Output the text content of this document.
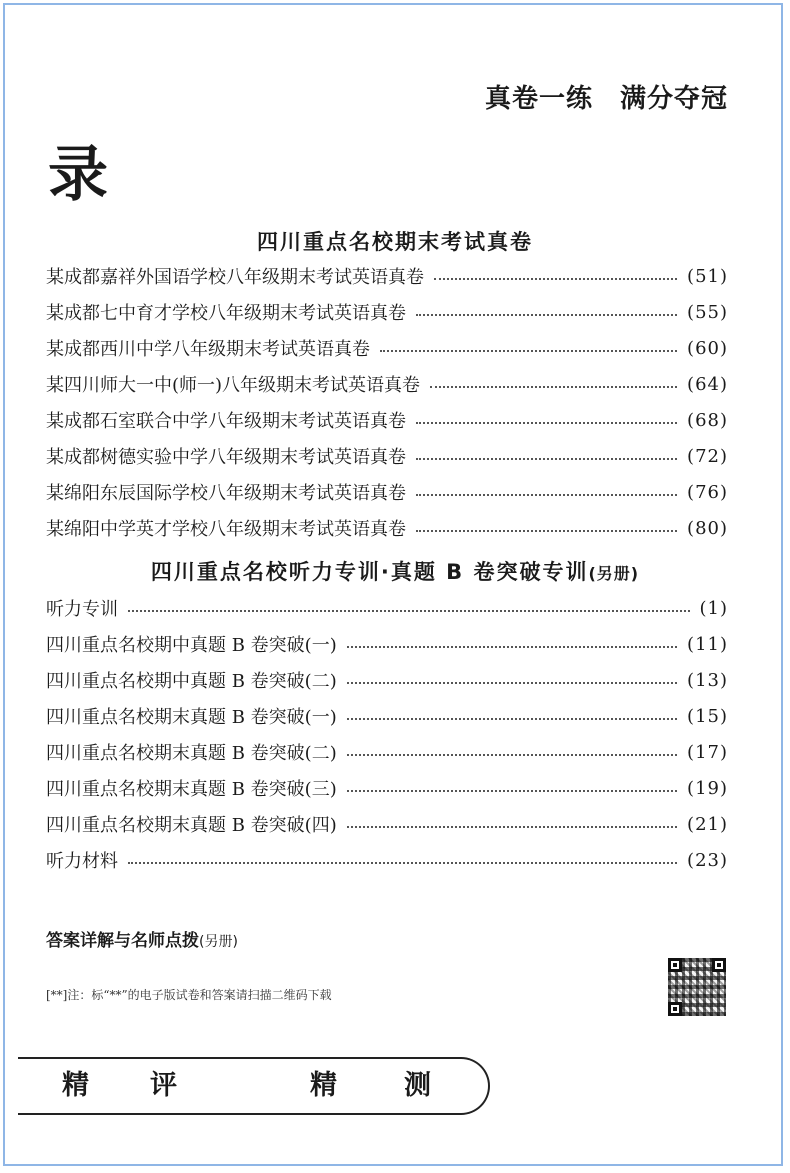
真卷一练　满分夺冠
录
四川重点名校期末考试真卷
某成都嘉祥外国语学校八年级期末考试英语真卷	(51)
某成都七中育才学校八年级期末考试英语真卷	(55)
某成都西川中学八年级期末考试英语真卷	(60)
某四川师大一中(师一)八年级期末考试英语真卷	(64)
某成都石室联合中学八年级期末考试英语真卷	(68)
某成都树德实验中学八年级期末考试英语真卷	(72)
某绵阳东辰国际学校八年级期末考试英语真卷	(76)
某绵阳中学英才学校八年级期末考试英语真卷	(80)
四川重点名校听力专训·真题 B 卷突破专训(另册)
听力专训	(1)
四川重点名校期中真题 B 卷突破(一)	(11)
四川重点名校期中真题 B 卷突破(二)	(13)
四川重点名校期末真题 B 卷突破(一)	(15)
四川重点名校期末真题 B 卷突破(二)	(17)
四川重点名校期末真题 B 卷突破(三)	(19)
四川重点名校期末真题 B 卷突破(四)	(21)
听力材料	(23)
答案详解与名师点拨(另册)
[**]注：标“**”的电子版试卷和答案请扫描二维码下载
精 评	精 测
